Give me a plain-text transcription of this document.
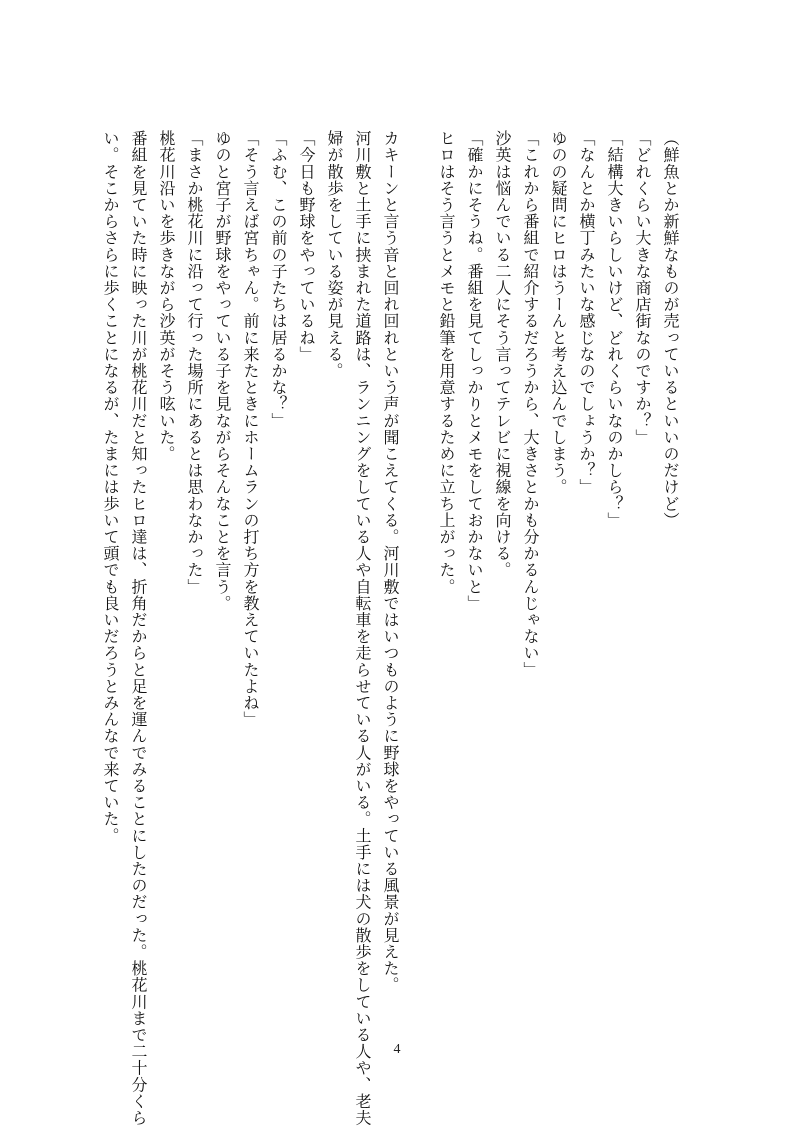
（鮮魚とか新鮮なものが売っているといいのだけど）
「どれくらい大きな商店街なのですか？」
「結構大きいらしいけど、どれくらいなのかしら？」
「なんとか横丁みたいな感じなのでしょうか？」
ゆのの疑問にヒロはうーんと考え込んでしまう。
「これから番組で紹介するだろうから、大きさとかも分かるんじゃない」
沙英は悩んでいる二人にそう言ってテレビに視線を向ける。
「確かにそうね。番組を見てしっかりとメモをしておかないと」
ヒロはそう言うとメモと鉛筆を用意するために立ち上がった。
カキーンと言う音と回れ回れという声が聞こえてくる。河川敷ではいつものように野球をやっている風景が見えた。
河川敷と土手に挟まれた道路は、ランニングをしている人や自転車を走らせている人がいる。土手には犬の散歩をしている人や、老夫
婦が散歩をしている姿が見える。
「今日も野球をやっているね」
「ふむ、この前の子たちは居るかな？」
「そう言えば宮ちゃん。前に来たときにホームランの打ち方を教えていたよね」
ゆのと宮子が野球をやっている子を見ながらそんなことを言う。
「まさか桃花川に沿って行った場所にあるとは思わなかった」
桃花川沿いを歩きながら沙英がそう呟いた。
番組を見ていた時に映った川が桃花川だと知ったヒロ達は、折角だからと足を運んでみることにしたのだった。桃花川まで二十分くら
い。そこからさらに歩くことになるが、たまには歩いて頭でも良いだろうとみんなで来ていた。
4
